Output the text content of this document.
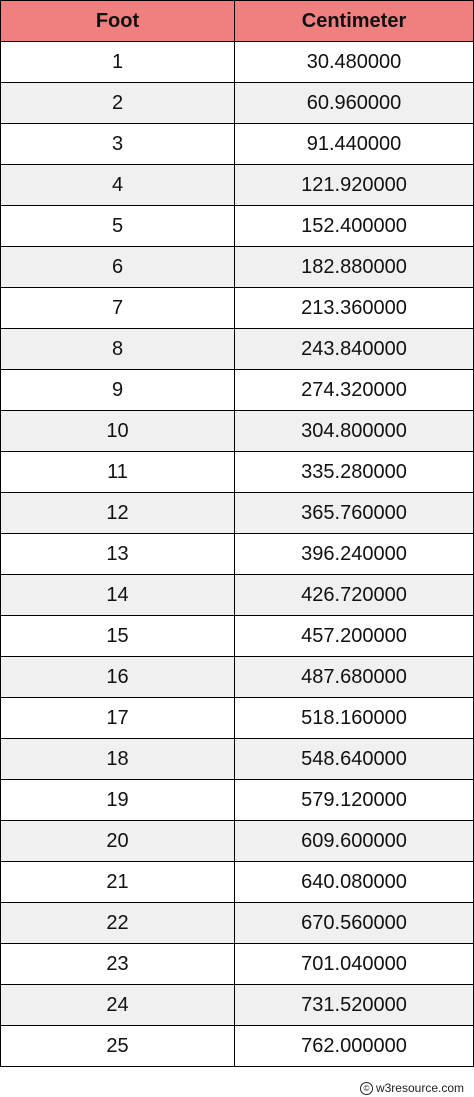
Foot	Centimeter
1	30.480000
2	60.960000
3	91.440000
4	121.920000
5	152.400000
6	182.880000
7	213.360000
8	243.840000
9	274.320000
10	304.800000
11	335.280000
12	365.760000
13	396.240000
14	426.720000
15	457.200000
16	487.680000
17	518.160000
18	548.640000
19	579.120000
20	609.600000
21	640.080000
22	670.560000
23	701.040000
24	731.520000
25	762.000000
© w3resource.com
